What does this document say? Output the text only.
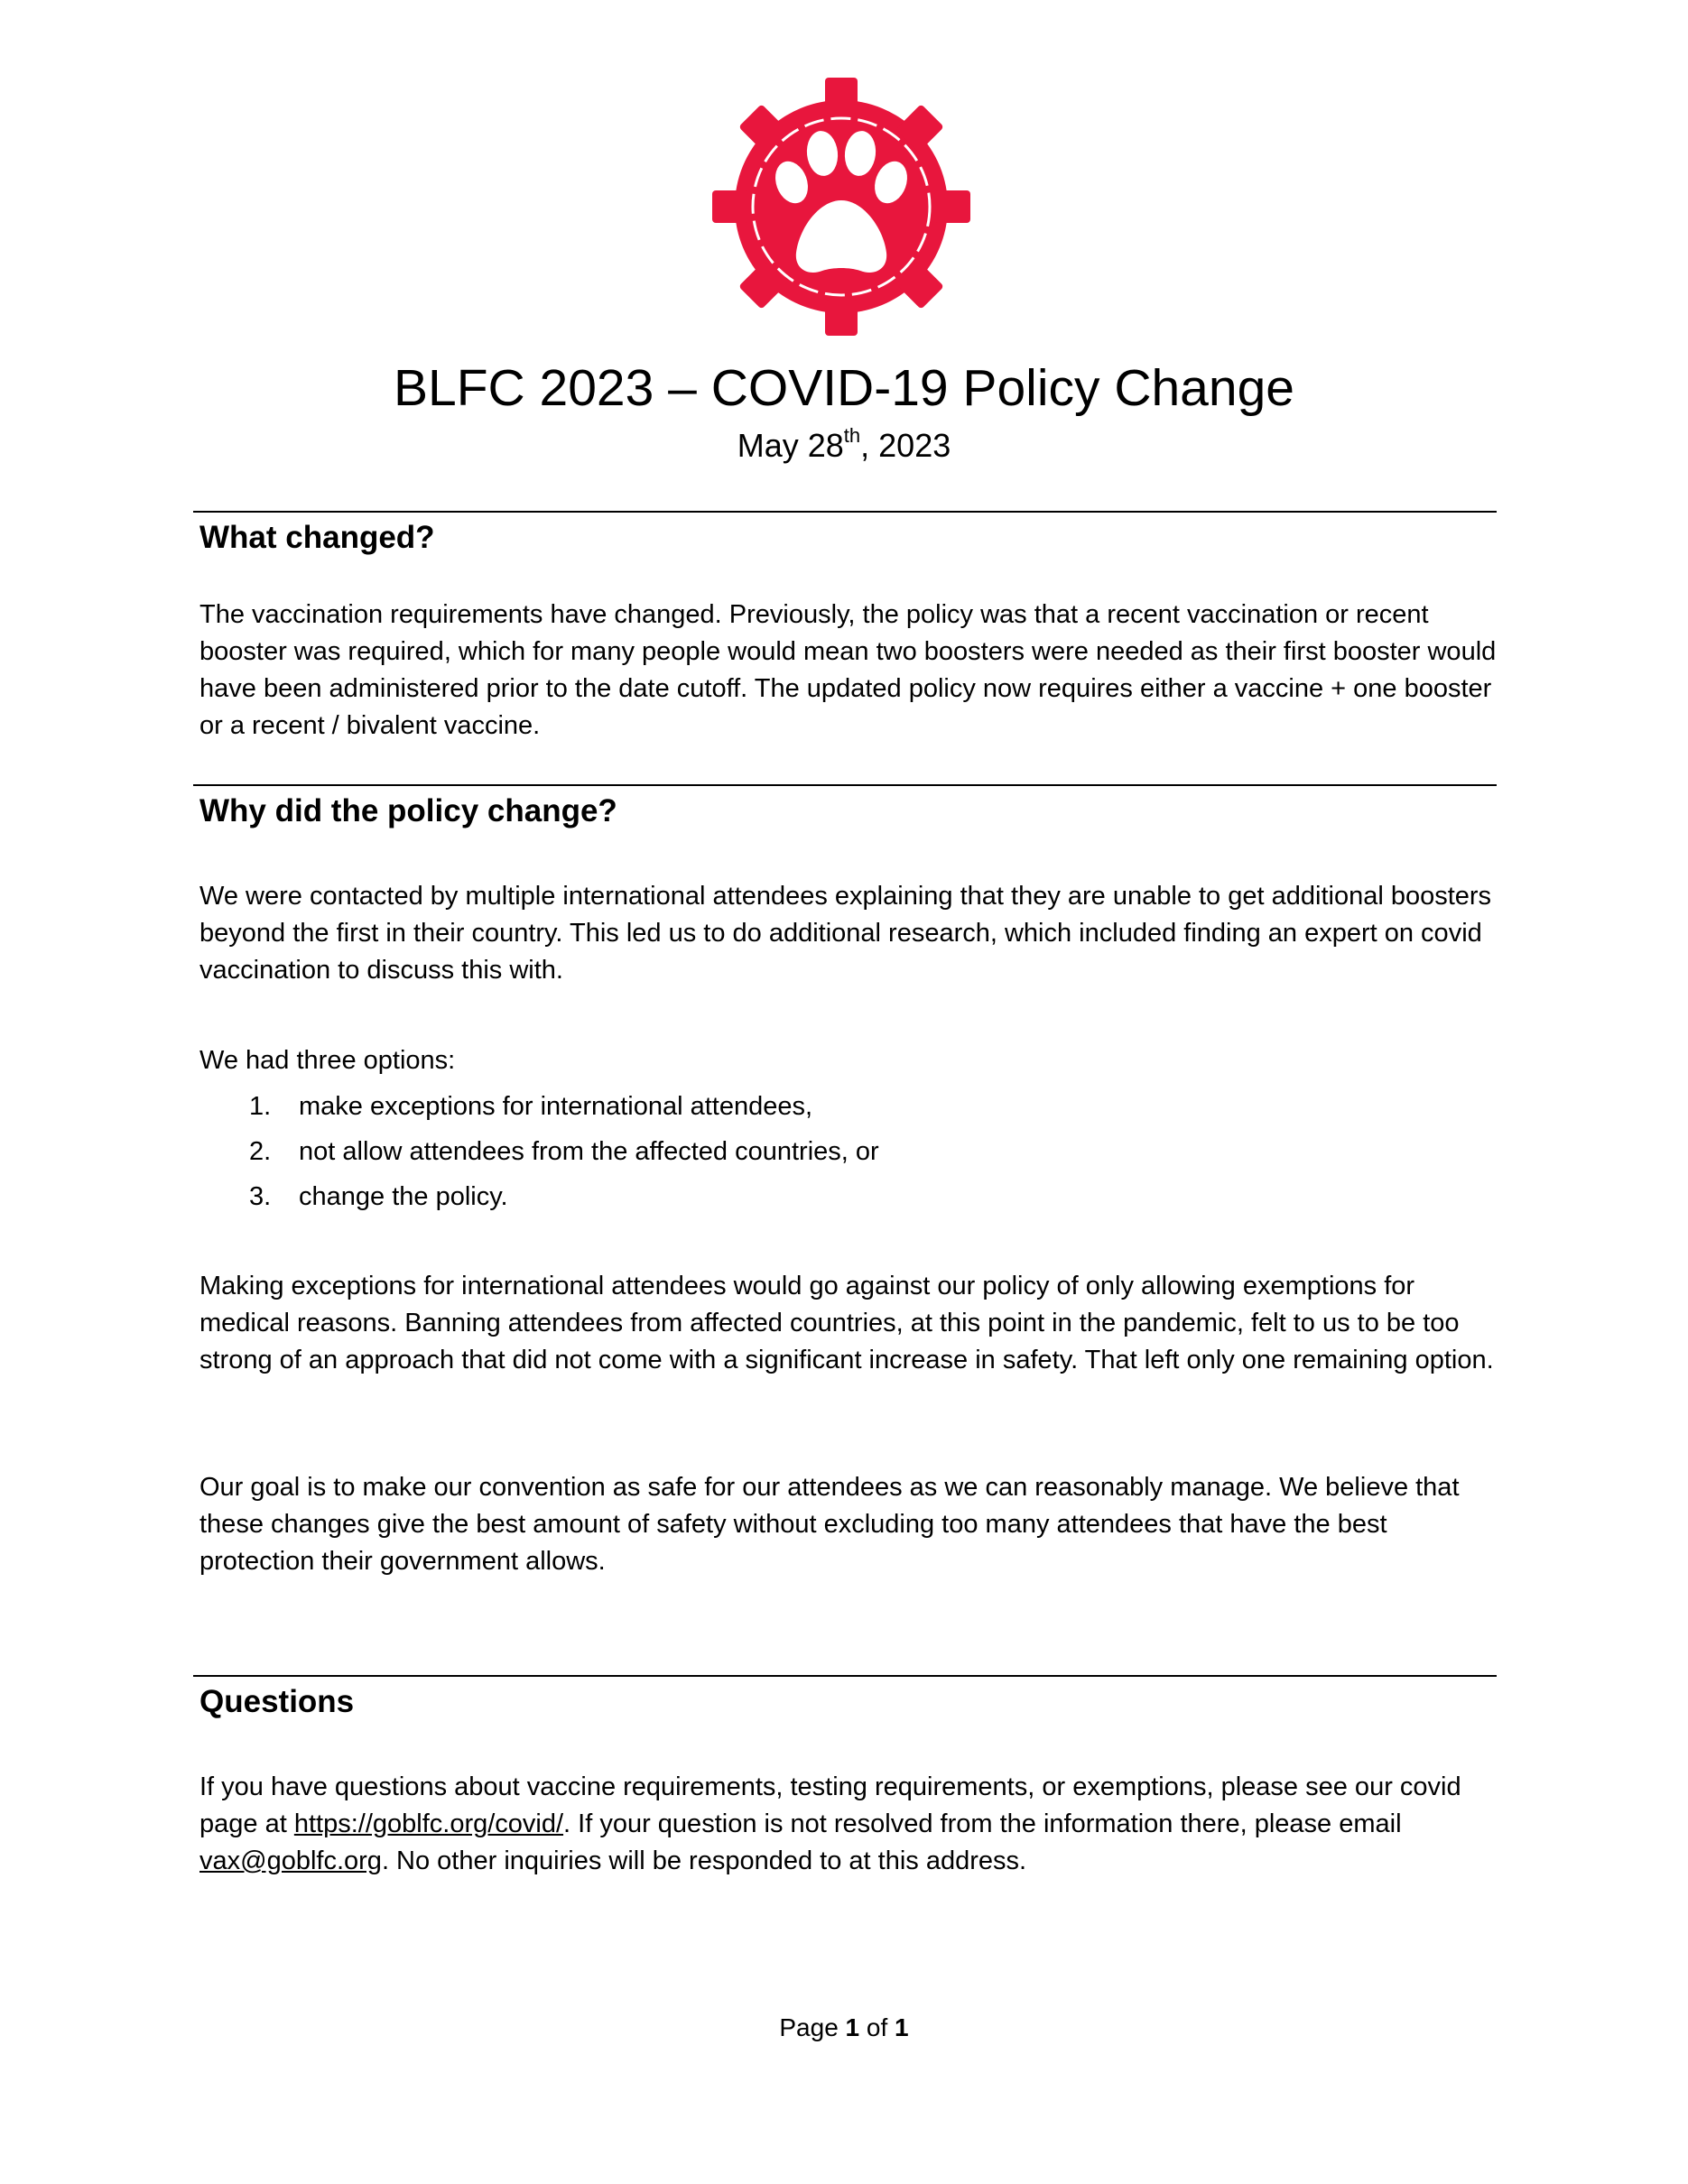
BLFC 2023 – COVID-19 Policy Change
May 28th, 2023
What changed?

The vaccination requirements have changed. Previously, the policy was that a recent vaccination or recent booster was required, which for many people would mean two boosters were needed as their first booster would have been administered prior to the date cutoff. The updated policy now requires either a vaccine + one booster or a recent / bivalent vaccine.

Why did the policy change?

We were contacted by multiple international attendees explaining that they are unable to get additional boosters beyond the first in their country. This led us to do additional research, which included finding an expert on covid vaccination to discuss this with.

We had three options:

1.	make exceptions for international attendees,
2.	not allow attendees from the affected countries, or
3.	change the policy.

Making exceptions for international attendees would go against our policy of only allowing exemptions for medical reasons. Banning attendees from affected countries, at this point in the pandemic, felt to us to be too strong of an approach that did not come with a significant increase in safety. That left only one remaining option.

Our goal is to make our convention as safe for our attendees as we can reasonably manage. We believe that these changes give the best amount of safety without excluding too many attendees that have the best protection their government allows.

Questions

If you have questions about vaccine requirements, testing requirements, or exemptions, please see our covid page at https://goblfc.org/covid/. If your question is not resolved from the information there, please email vax@goblfc.org. No other inquiries will be responded to at this address.

Page 1 of 1
